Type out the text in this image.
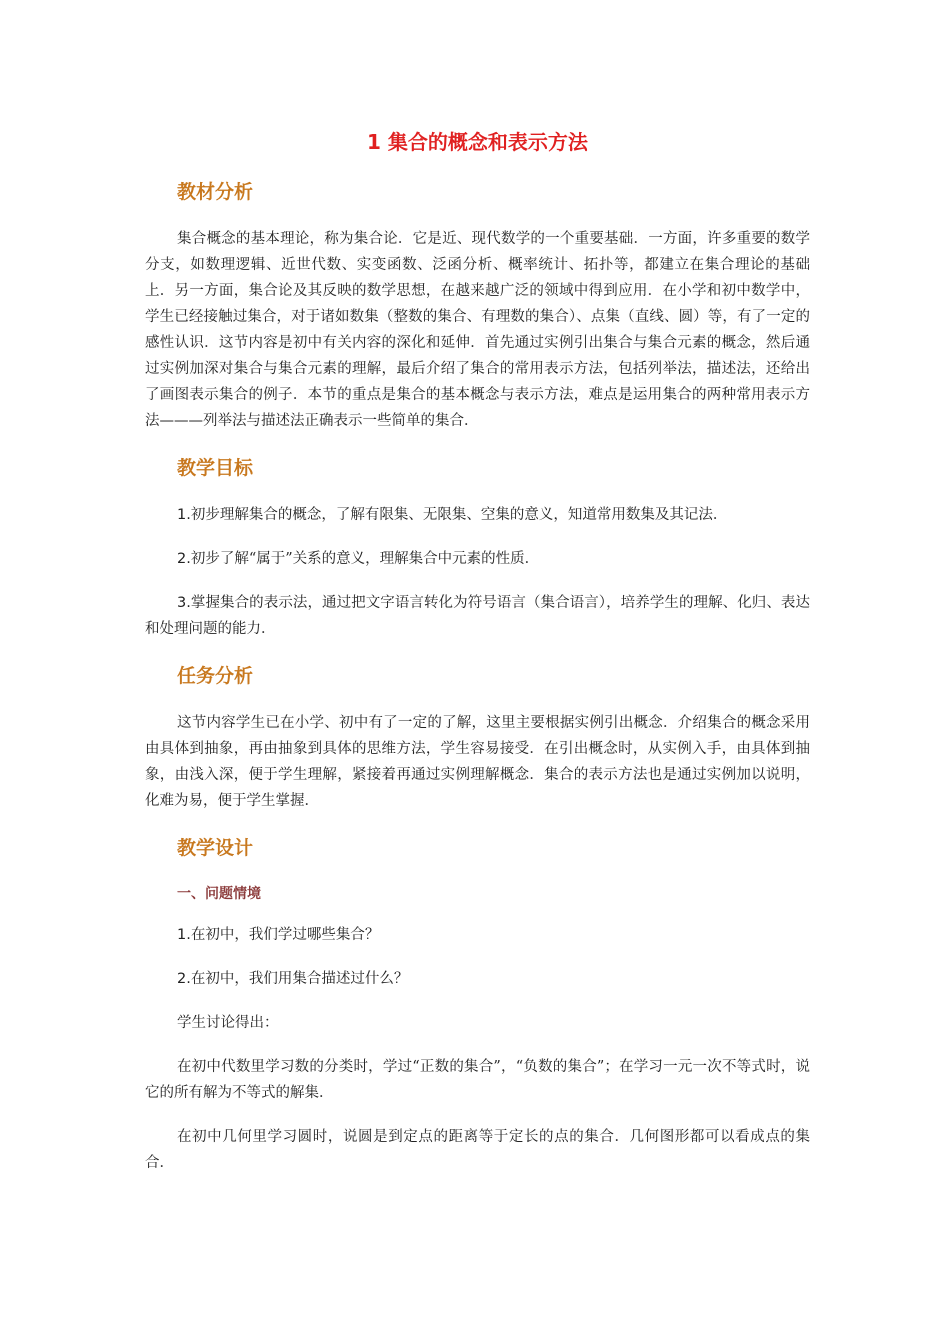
1 集合的概念和表示方法
教材分析

集合概念的基本理论，称为集合论．它是近、现代数学的一个重要基础．一方面，许多重要的数学分支，如数理逻辑、近世代数、实变函数、泛函分析、概率统计、拓扑等，都建立在集合理论的基础上．另一方面，集合论及其反映的数学思想，在越来越广泛的领域中得到应用．在小学和初中数学中，学生已经接触过集合，对于诸如数集（整数的集合、有理数的集合）、点集（直线、圆）等，有了一定的感性认识．这节内容是初中有关内容的深化和延伸．首先通过实例引出集合与集合元素的概念，然后通过实例加深对集合与集合元素的理解，最后介绍了集合的常用表示方法，包括列举法，描述法，还给出了画图表示集合的例子．本节的重点是集合的基本概念与表示方法，难点是运用集合的两种常用表示方法———列举法与描述法正确表示一些简单的集合．

教学目标

1.初步理解集合的概念，了解有限集、无限集、空集的意义，知道常用数集及其记法．

2.初步了解“属于”关系的意义，理解集合中元素的性质．

3.掌握集合的表示法，通过把文字语言转化为符号语言（集合语言），培养学生的理解、化归、表达和处理问题的能力．

任务分析

这节内容学生已在小学、初中有了一定的了解，这里主要根据实例引出概念．介绍集合的概念采用由具体到抽象，再由抽象到具体的思维方法，学生容易接受．在引出概念时，从实例入手，由具体到抽象，由浅入深，便于学生理解，紧接着再通过实例理解概念．集合的表示方法也是通过实例加以说明，化难为易，便于学生掌握．

教学设计
一、问题情境

1.在初中，我们学过哪些集合？

2.在初中，我们用集合描述过什么？

学生讨论得出：

在初中代数里学习数的分类时，学过“正数的集合”，“负数的集合”；在学习一元一次不等式时，说它的所有解为不等式的解集．

在初中几何里学习圆时，说圆是到定点的距离等于定长的点的集合．几何图形都可以看成点的集合．
